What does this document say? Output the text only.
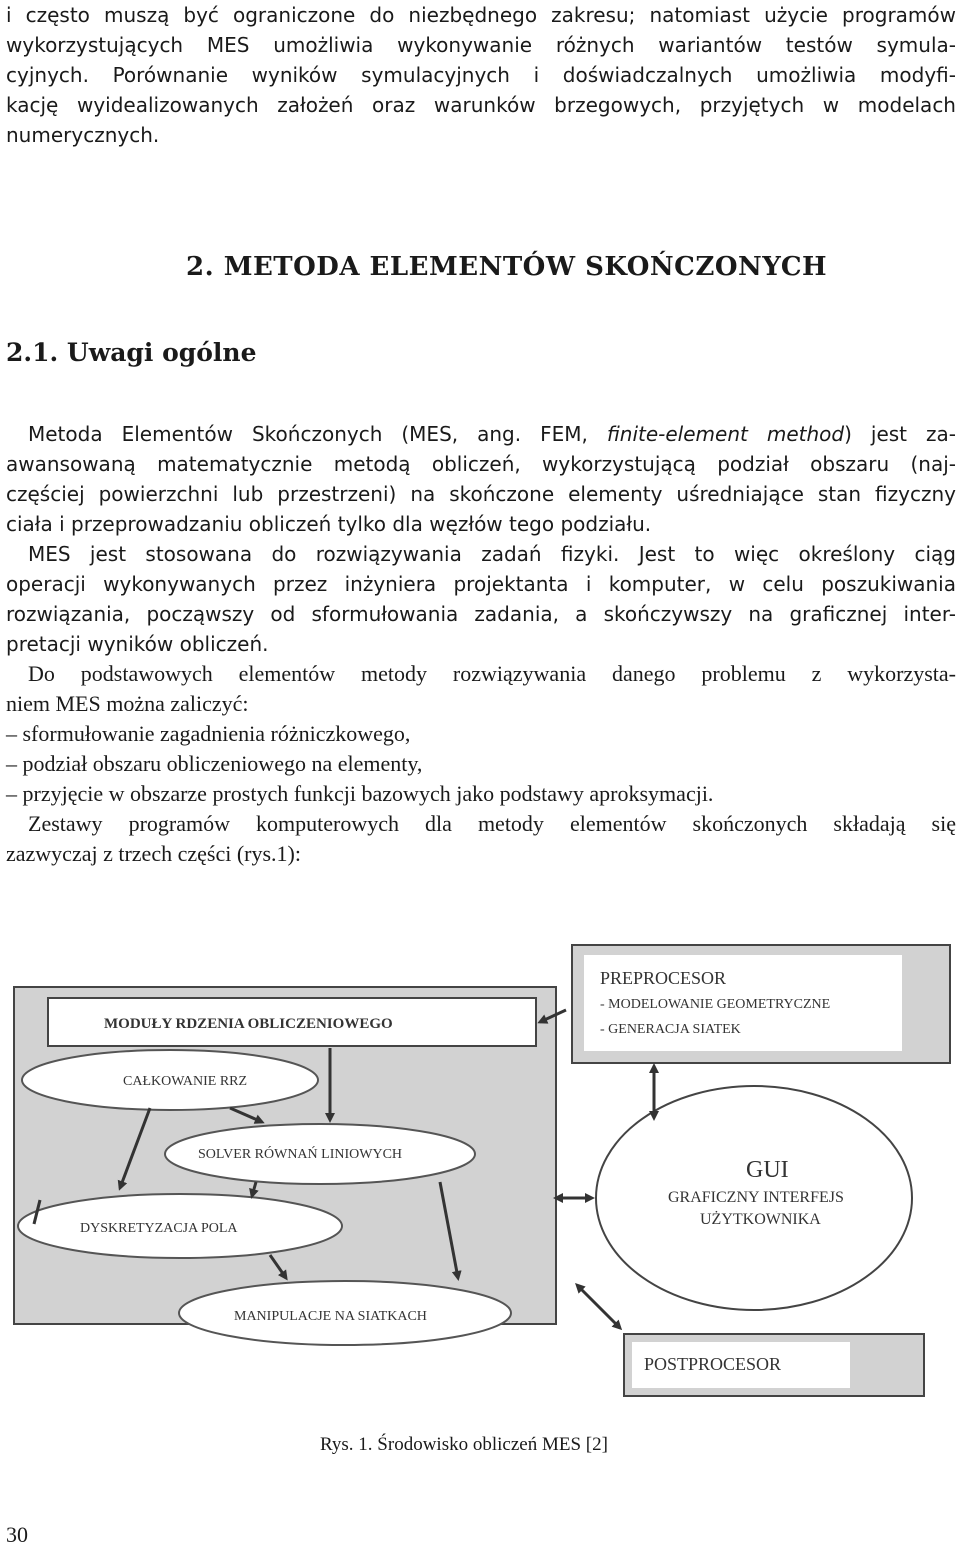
i często muszą być ograniczone do niezbędnego zakresu; natomiast użycie programów

wykorzystujących MES umożliwia wykonywanie różnych wariantów testów symula-

cyjnych. Porównanie wyników symulacyjnych i doświadczalnych umożliwia modyfi-

kację wyidealizowanych założeń oraz warunków brzegowych, przyjętych w modelach

numerycznych.

2. METODA ELEMENTÓW SKOŃCZONYCH
2.1. Uwagi ogólne

Metoda Elementów Skończonych (MES, ang. FEM, finite-element method) jest za-

awansowaną matematycznie metodą obliczeń, wykorzystującą podział obszaru (naj-

częściej powierzchni lub przestrzeni) na skończone elementy uśredniające stan fizyczny

ciała i przeprowadzaniu obliczeń tylko dla węzłów tego podziału.

MES jest stosowana do rozwiązywania zadań fizyki. Jest to więc określony ciąg

operacji wykonywanych przez inżyniera projektanta i komputer, w celu poszukiwania

rozwiązania, począwszy od sformułowania zadania, a skończywszy na graficznej inter-

pretacji wyników obliczeń.

Do podstawowych elementów metody rozwiązywania danego problemu z wykorzysta-

niem MES można zaliczyć:

– sformułowanie zagadnienia różniczkowego,

– podział obszaru obliczeniowego na elementy,

– przyjęcie w obszarze prostych funkcji bazowych jako podstawy aproksymacji.

Zestawy programów komputerowych dla metody elementów skończonych składają się

zazwyczaj z trzech części (rys.1):

MODUŁY RDZENIA OBLICZENIOWEGO
CAŁKOWANIE RRZ
SOLVER RÓWNAŃ LINIOWYCH
DYSKRETYZACJA POLA
MANIPULACJE NA SIATKACH
PREPROCESOR
- MODELOWANIE GEOMETRYCZNE
- GENERACJA SIATEK
GUI
GRAFICZNY INTERFEJS
UŻYTKOWNIKA
POSTPROCESOR
Rys. 1. Środowisko obliczeń MES [2]
30
